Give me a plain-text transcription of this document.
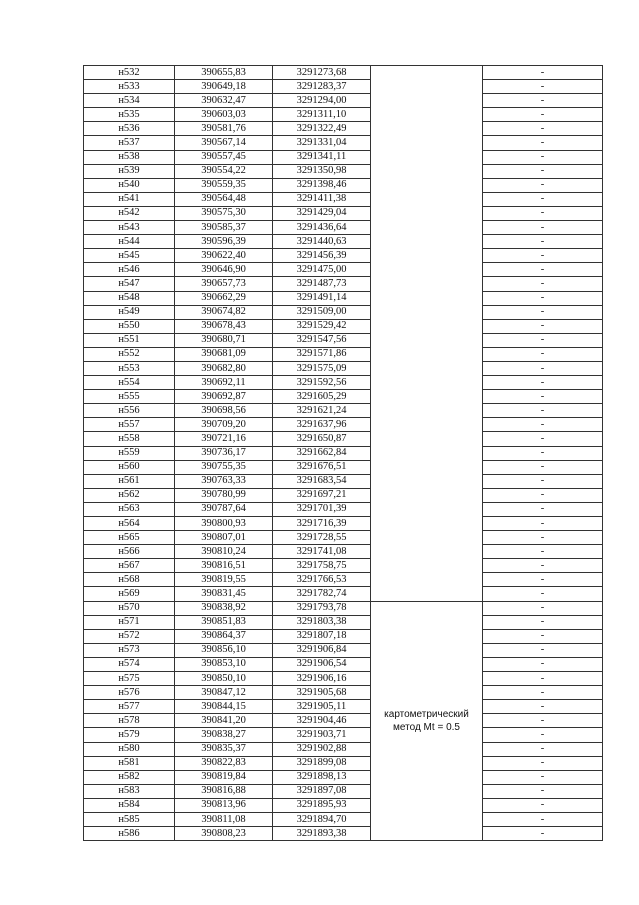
н532	390655,83	3291273,68		-
н533	390649,18	3291283,37		-
н534	390632,47	3291294,00		-
н535	390603,03	3291311,10		-
н536	390581,76	3291322,49		-
н537	390567,14	3291331,04		-
н538	390557,45	3291341,11		-
н539	390554,22	3291350,98		-
н540	390559,35	3291398,46		-
н541	390564,48	3291411,38		-
н542	390575,30	3291429,04		-
н543	390585,37	3291436,64		-
н544	390596,39	3291440,63		-
н545	390622,40	3291456,39		-
н546	390646,90	3291475,00		-
н547	390657,73	3291487,73		-
н548	390662,29	3291491,14		-
н549	390674,82	3291509,00		-
н550	390678,43	3291529,42		-
н551	390680,71	3291547,56		-
н552	390681,09	3291571,86		-
н553	390682,80	3291575,09		-
н554	390692,11	3291592,56		-
н555	390692,87	3291605,29		-
н556	390698,56	3291621,24		-
н557	390709,20	3291637,96		-
н558	390721,16	3291650,87		-
н559	390736,17	3291662,84		-
н560	390755,35	3291676,51		-
н561	390763,33	3291683,54		-
н562	390780,99	3291697,21		-
н563	390787,64	3291701,39		-
н564	390800,93	3291716,39		-
н565	390807,01	3291728,55		-
н566	390810,24	3291741,08		-
н567	390816,51	3291758,75		-
н568	390819,55	3291766,53		-
н569	390831,45	3291782,74		-
н570	390838,92	3291793,78	картометрический метод Mt = 0.5	-
н571	390851,83	3291803,38		-
н572	390864,37	3291807,18		-
н573	390856,10	3291906,84		-
н574	390853,10	3291906,54		-
н575	390850,10	3291906,16		-
н576	390847,12	3291905,68		-
н577	390844,15	3291905,11		-
н578	390841,20	3291904,46		-
н579	390838,27	3291903,71		-
н580	390835,37	3291902,88		-
н581	390822,83	3291899,08		-
н582	390819,84	3291898,13		-
н583	390816,88	3291897,08		-
н584	390813,96	3291895,93		-
н585	390811,08	3291894,70		-
н586	390808,23	3291893,38		-
